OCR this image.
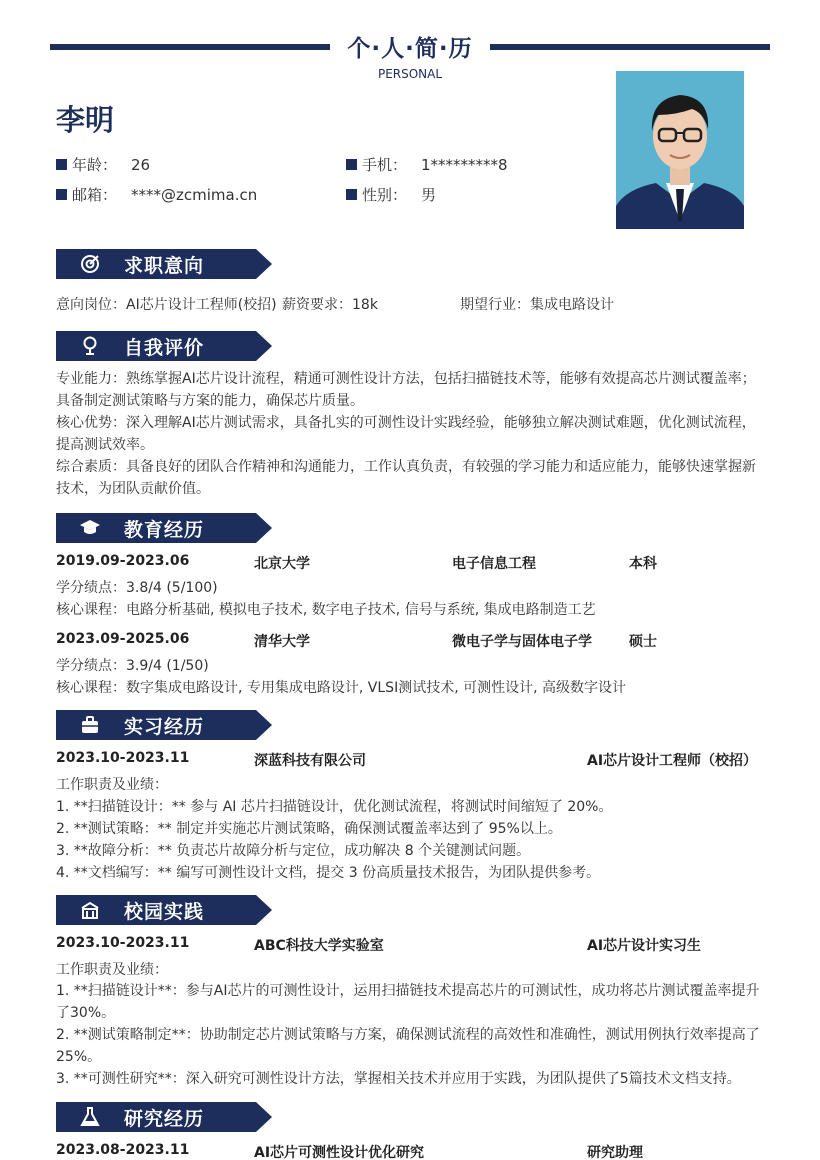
个·人·简·历
PERSONAL
李明
年龄： 26	手机： 1*********8
邮箱： ****@zcmima.cn	性别： 男
求职意向
意向岗位：AI芯片设计工程师(校招) 薪资要求：18k	期望行业：集成电路设计
自我评价
专业能力：熟练掌握AI芯片设计流程，精通可测性设计方法，包括扫描链技术等，能够有效提高芯片测试覆盖率；具备制定测试策略与方案的能力，确保芯片质量。
核心优势：深入理解AI芯片测试需求，具备扎实的可测性设计实践经验，能够独立解决测试难题，优化测试流程，提高测试效率。
综合素质：具备良好的团队合作精神和沟通能力，工作认真负责，有较强的学习能力和适应能力，能够快速掌握新技术，为团队贡献价值。
教育经历
2019.09-2023.06	北京大学	电子信息工程	本科
学分绩点：3.8/4 (5/100)
核心课程：电路分析基础, 模拟电子技术, 数字电子技术, 信号与系统, 集成电路制造工艺
2023.09-2025.06	清华大学	微电子学与固体电子学	硕士
学分绩点：3.9/4 (1/50)
核心课程：数字集成电路设计, 专用集成电路设计, VLSI测试技术, 可测性设计, 高级数字设计
实习经历
2023.10-2023.11	深蓝科技有限公司	AI芯片设计工程师（校招）
工作职责及业绩：
1. **扫描链设计：** 参与 AI 芯片扫描链设计，优化测试流程，将测试时间缩短了 20%。
2. **测试策略：** 制定并实施芯片测试策略，确保测试覆盖率达到了 95%以上。
3. **故障分析：** 负责芯片故障分析与定位，成功解决 8 个关键测试问题。
4. **文档编写：** 编写可测性设计文档，提交 3 份高质量技术报告，为团队提供参考。
校园实践
2023.10-2023.11	ABC科技大学实验室	AI芯片设计实习生
工作职责及业绩：
1. **扫描链设计**：参与AI芯片的可测性设计，运用扫描链技术提高芯片的可测试性，成功将芯片测试覆盖率提升了30%。
2. **测试策略制定**：协助制定芯片测试策略与方案，确保测试流程的高效性和准确性，测试用例执行效率提高了25%。
3. **可测性研究**：深入研究可测性设计方法，掌握相关技术并应用于实践，为团队提供了5篇技术文档支持。
研究经历
2023.08-2023.11	AI芯片可测性设计优化研究	研究助理
